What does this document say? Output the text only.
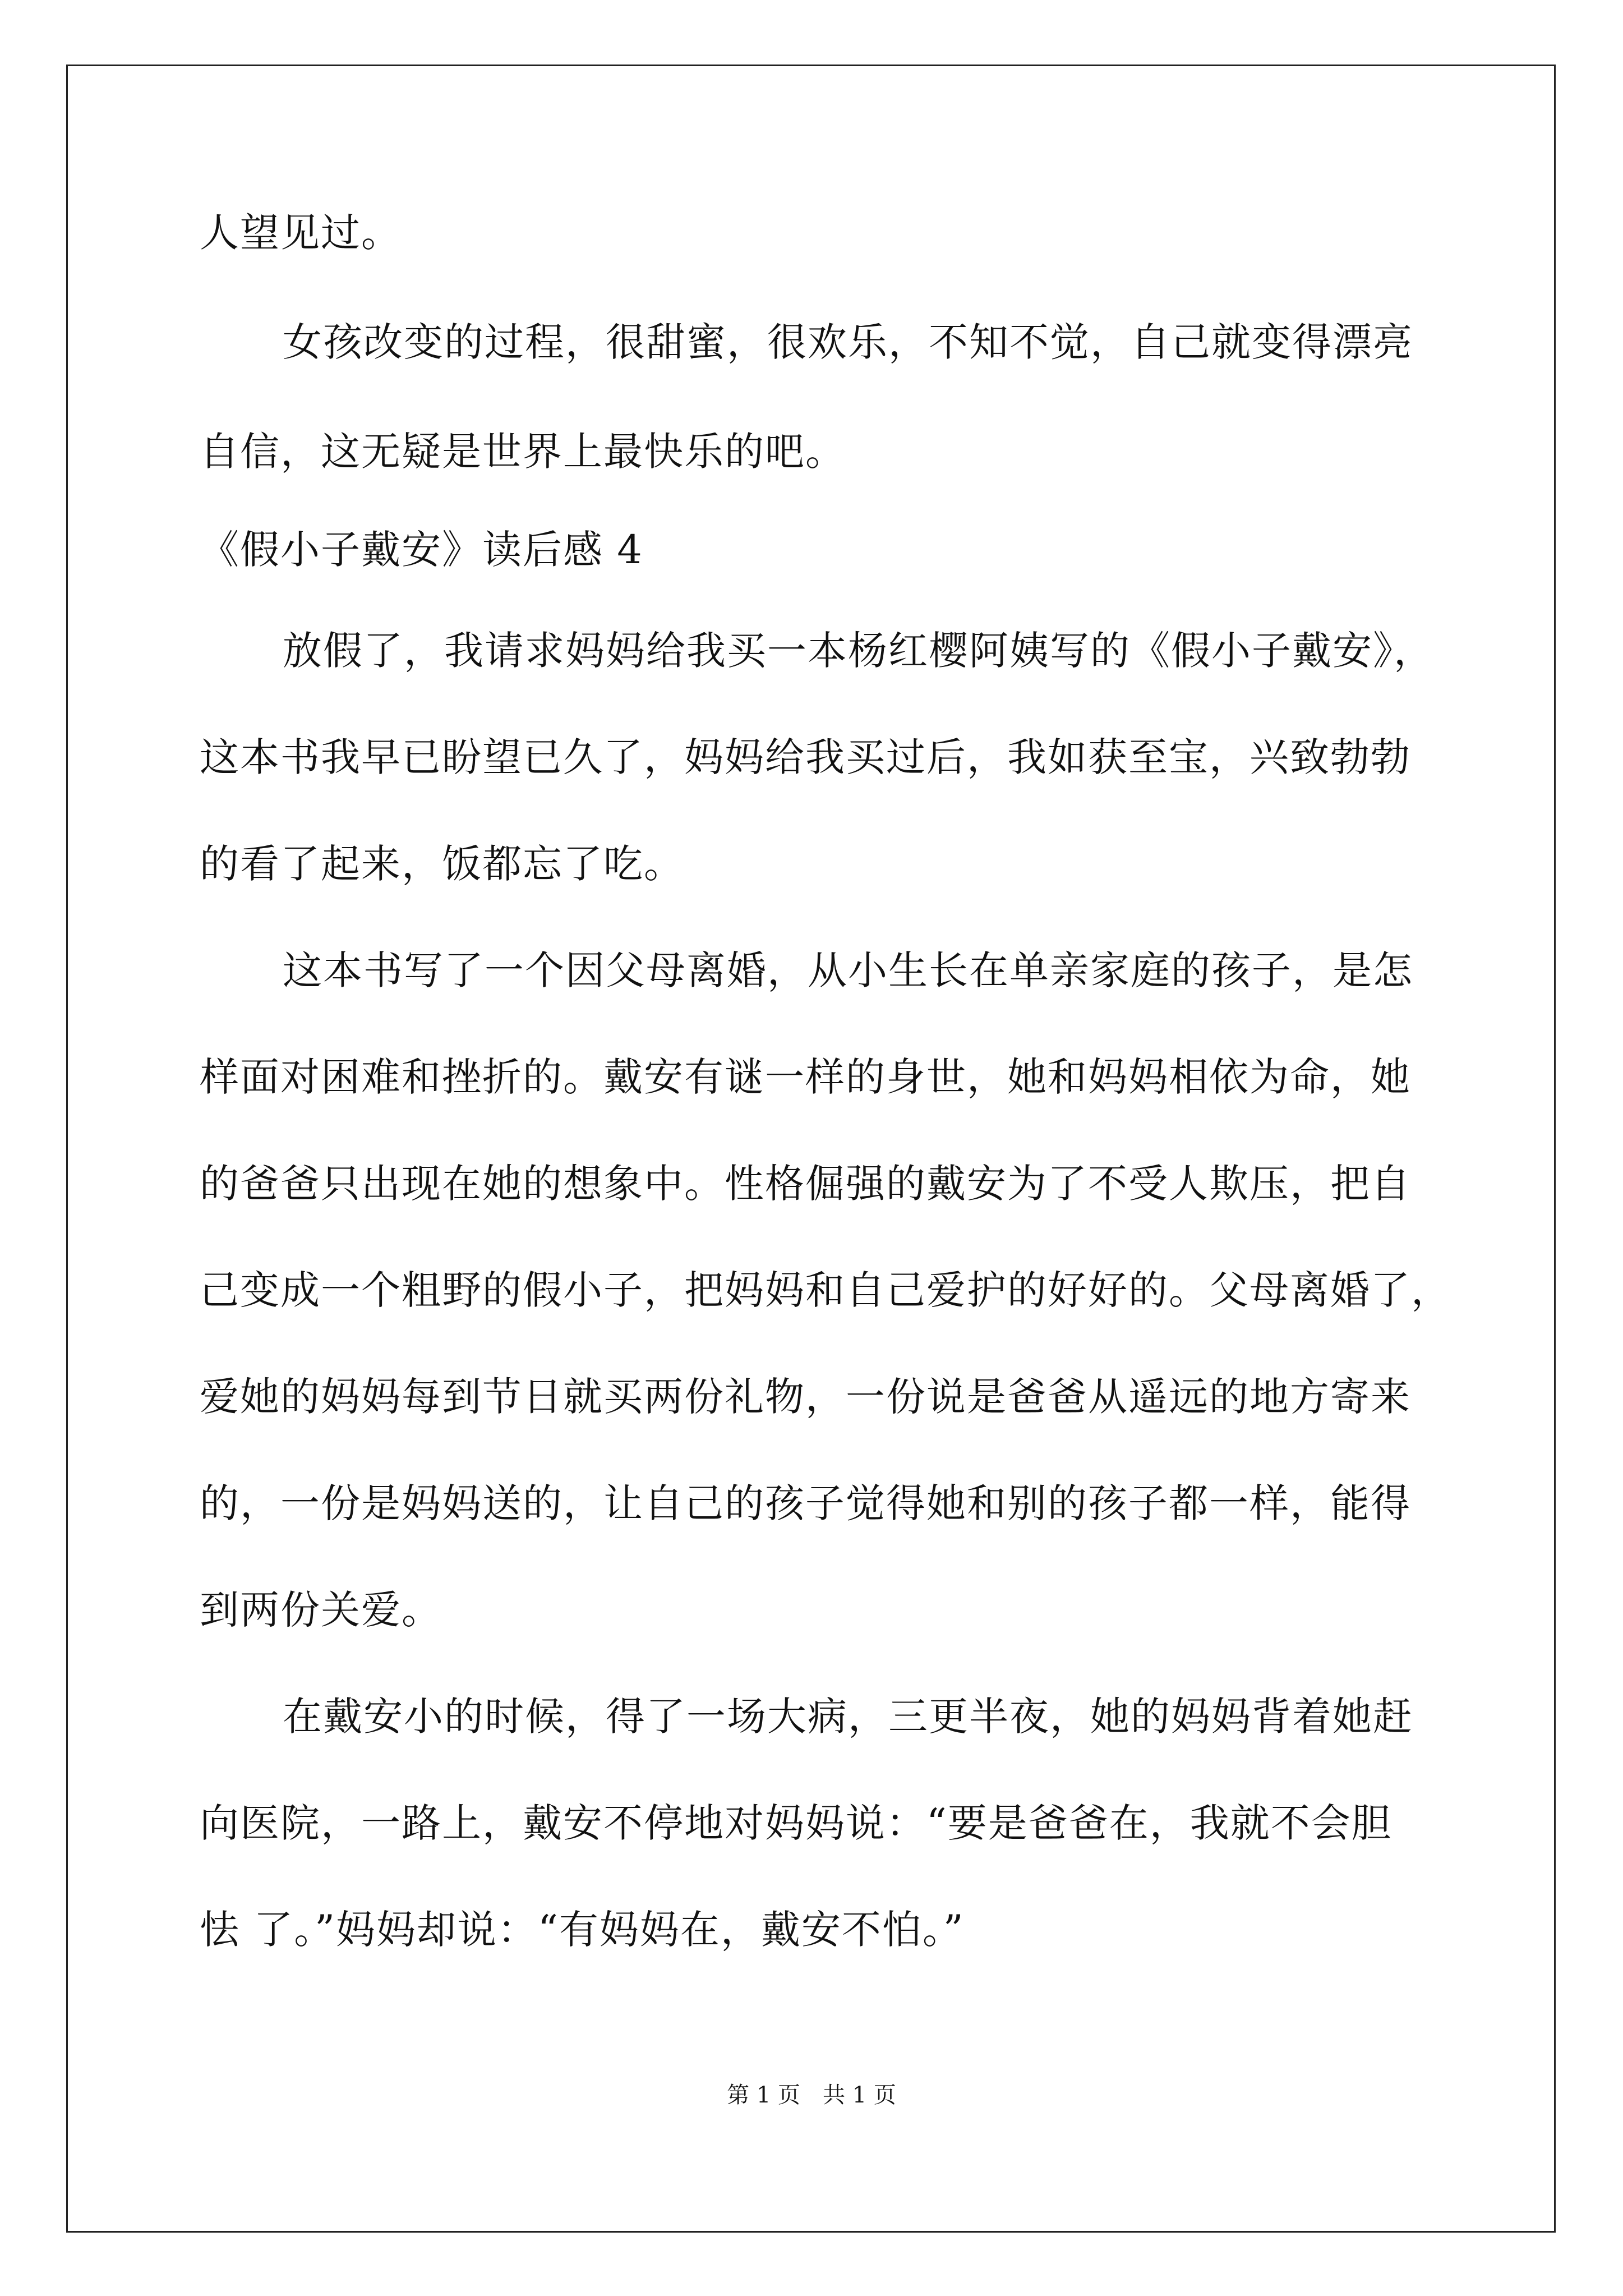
人望见过。
女孩改变的过程，很甜蜜，很欢乐，不知不觉，自己就变得漂亮
自信，这无疑是世界上最快乐的吧。
《假小子戴安》读后感 4
放假了，我请求妈妈给我买一本杨红樱阿姨写的《假小子戴安》，
这本书我早已盼望已久了，妈妈给我买过后，我如获至宝，兴致勃勃
的看了起来，饭都忘了吃。
这本书写了一个因父母离婚，从小生长在单亲家庭的孩子，是怎
样面对困难和挫折的。戴安有谜一样的身世，她和妈妈相依为命，她
的爸爸只出现在她的想象中。性格倔强的戴安为了不受人欺压，把自
己变成一个粗野的假小子，把妈妈和自己爱护的好好的。父母离婚了，
爱她的妈妈每到节日就买两份礼物，一份说是爸爸从遥远的地方寄来
的，一份是妈妈送的，让自己的孩子觉得她和别的孩子都一样，能得
到两份关爱。
在戴安小的时候，得了一场大病，三更半夜，她的妈妈背着她赶
向医院，一路上，戴安不停地对妈妈说：“要是爸爸在，我就不会胆
怯 了。”妈妈却说：“有妈妈在，戴安不怕。”
第 1 页　共 1 页
